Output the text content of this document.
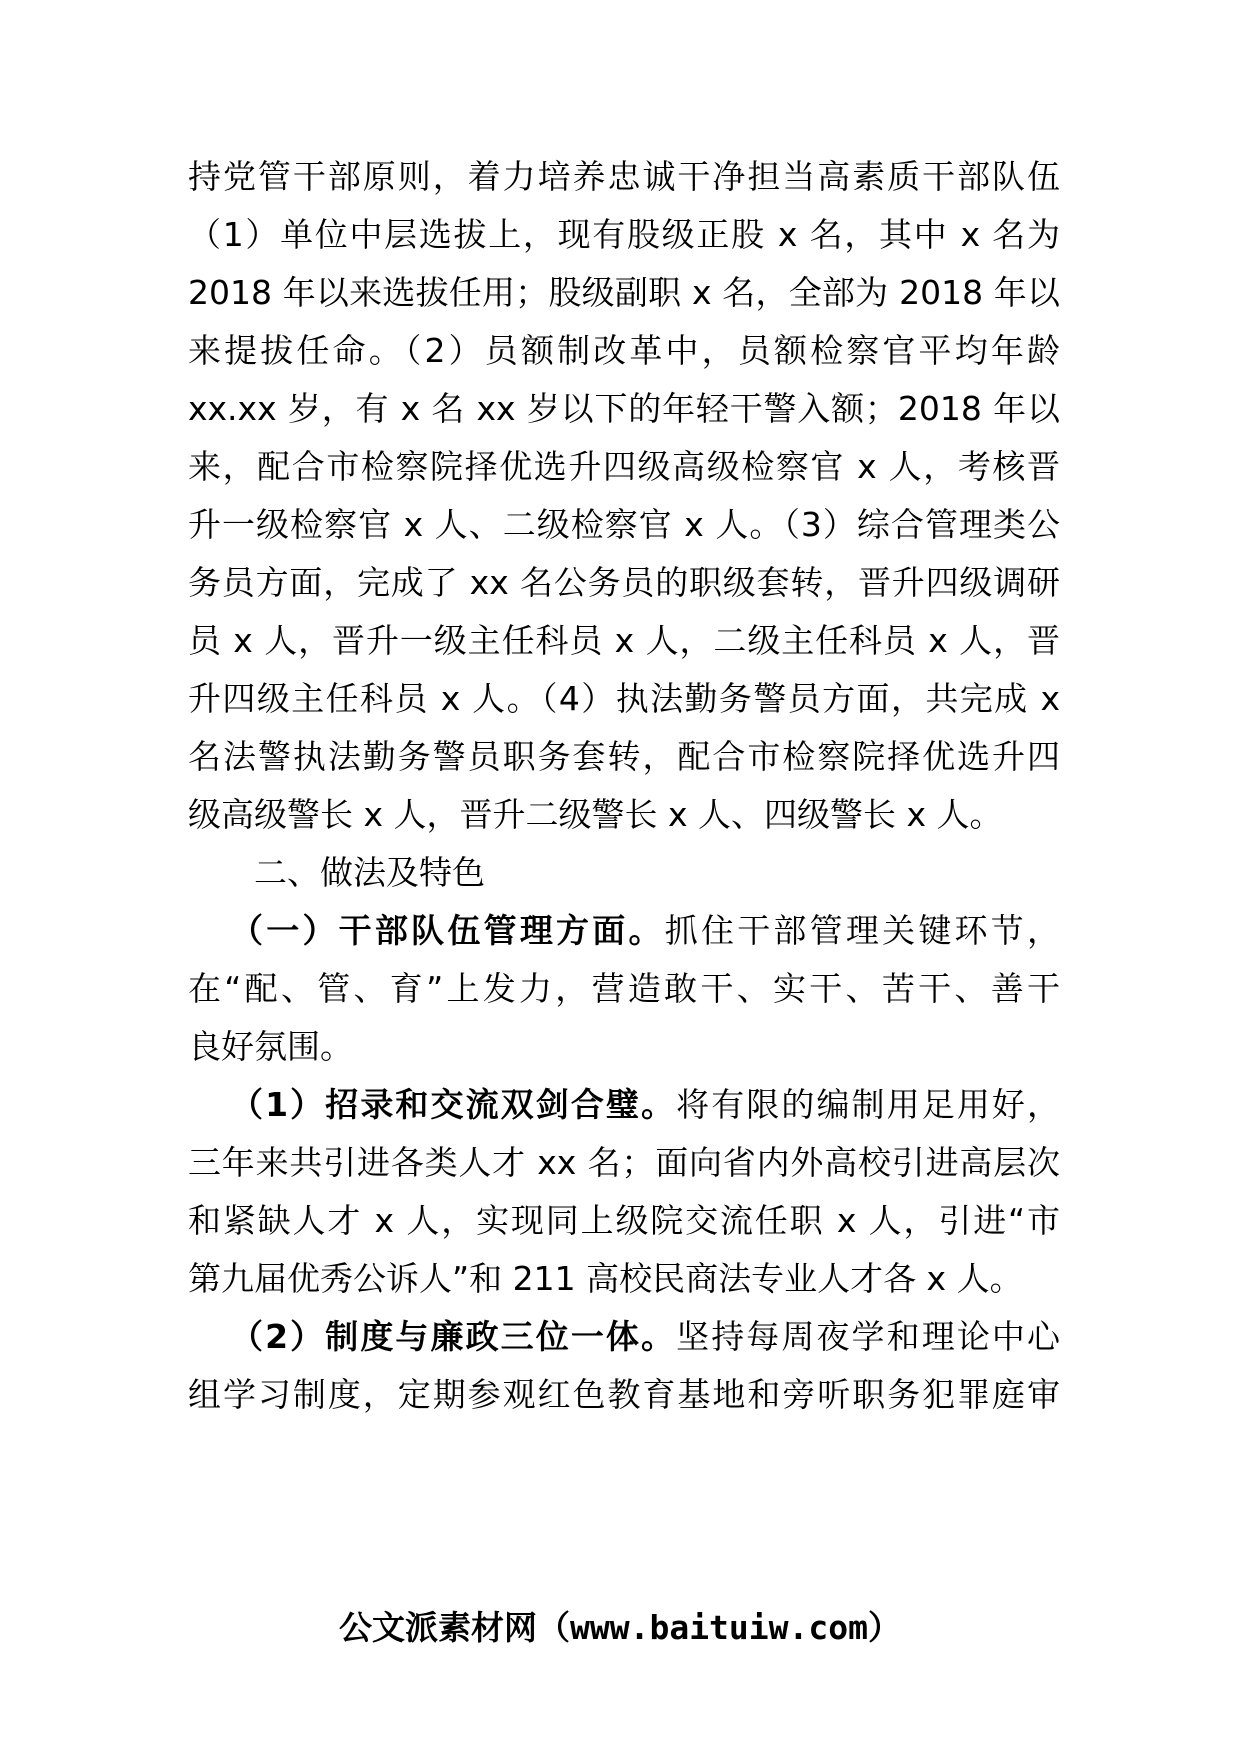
持党管干部原则，着力培养忠诚干净担当高素质干部队伍
（1）单位中层选拔上，现有股级正股 x 名，其中 x 名为
2018 年以来选拔任用；股级副职 x 名，全部为 2018 年以
来提拔任命。（2）员额制改革中，员额检察官平均年龄
xx.xx 岁，有 x 名 xx 岁以下的年轻干警入额；2018 年以
来，配合市检察院择优选升四级高级检察官 x 人，考核晋
升一级检察官 x 人、二级检察官 x 人。（3）综合管理类公
务员方面，完成了 xx 名公务员的职级套转，晋升四级调研
员 x 人，晋升一级主任科员 x 人，二级主任科员 x 人，晋
升四级主任科员 x 人。（4）执法勤务警员方面，共完成 x
名法警执法勤务警员职务套转，配合市检察院择优选升四
级高级警长 x 人，晋升二级警长 x 人、四级警长 x 人。
二、做法及特色
（一）干部队伍管理方面。抓住干部管理关键环节，
在“配、管、育”上发力，营造敢干、实干、苦干、善干
良好氛围。
（1）招录和交流双剑合璧。将有限的编制用足用好，
三年来共引进各类人才 xx 名；面向省内外高校引进高层次
和紧缺人才 x 人，实现同上级院交流任职 x 人，引进“市
第九届优秀公诉人”和 211 高校民商法专业人才各 x 人。
（2）制度与廉政三位一体。坚持每周夜学和理论中心
组学习制度，定期参观红色教育基地和旁听职务犯罪庭审
公文派素材网（www.baituiw.com）
